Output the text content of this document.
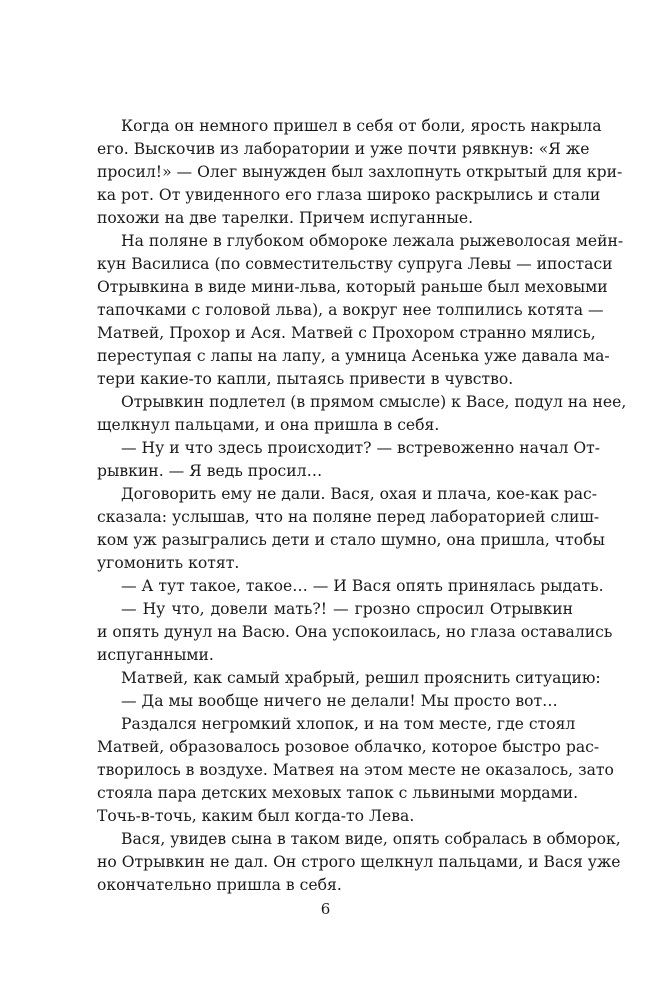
Когда он немного пришел в себя от боли, ярость накрыла
его. Выскочив из лаборатории и уже почти рявкнув: «Я же
просил!» — Олег вынужден был захлопнуть открытый для кри-
ка рот. От увиденного его глаза широко раскрылись и стали
похожи на две тарелки. Причем испуганные.

На поляне в глубоком обмороке лежала рыжеволосая мейн-
кун Василиса (по совместительству супруга Левы — ипостаси
Отрывкина в виде мини-льва, который раньше был меховыми
тапочками с головой льва), а вокруг нее толпились котята —
Матвей, Прохор и Ася. Матвей с Прохором странно мялись,
переступая с лапы на лапу, а умница Асенька уже давала ма-
тери какие-то капли, пытаясь привести в чувство.

Отрывкин подлетел (в прямом смысле) к Васе, подул на нее,
щелкнул пальцами, и она пришла в себя.

— Ну и что здесь происходит? — встревоженно начал От-
рывкин. — Я ведь просил…

Договорить ему не дали. Вася, охая и плача, кое-как рас-
сказала: услышав, что на поляне перед лабораторией слиш-
ком уж разыгрались дети и стало шумно, она пришла, чтобы
угомонить котят.

— А тут такое, такое… — И Вася опять принялась рыдать.

— Ну что, довели мать?! — грозно спросил Отрывкин
и опять дунул на Васю. Она успокоилась, но глаза оставались
испуганными.

Матвей, как самый храбрый, решил прояснить ситуацию:

— Да мы вообще ничего не делали! Мы просто вот…

Раздался негромкий хлопок, и на том месте, где стоял
Матвей, образовалось розовое облачко, которое быстро рас-
творилось в воздухе. Матвея на этом месте не оказалось, зато
стояла пара детских меховых тапок с львиными мордами.
Точь-в-точь, каким был когда-то Лева.

Вася, увидев сына в таком виде, опять собралась в обморок,
но Отрывкин не дал. Он строго щелкнул пальцами, и Вася уже
окончательно пришла в себя.

6
